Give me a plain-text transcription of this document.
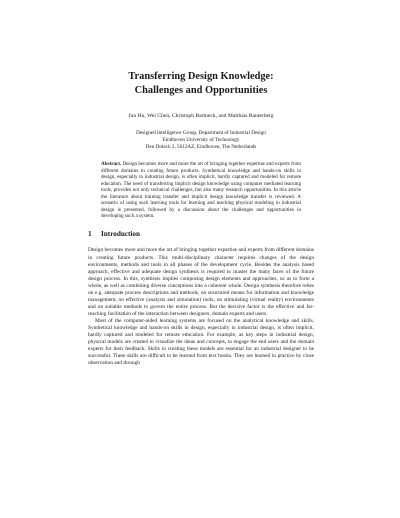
Transferring Design Knowledge:
Challenges and Opportunities
Jun Hu, Wei Chen, Christoph Bartneck, and Matthias Rauterberg
Designed Intelligence Group, Department of Industrial Design
Eindhoven University of Technology
Den Dolech 2, 5612AZ, Eindhoven, The Netherlands
Abstract. Design becomes more and more the art of bringing together expertise and experts from different domains in creating future products. Synthetical knowledge and hands-on skills in design, especially in industrial design, is often implicit, hardly captured and modeled for remote education. The need of transferring implicit design knowledge using computer mediated learning tools, provides not only technical challenges, but also many research opportunities. In this article the literature about training transfer and implicit design knowledge transfer is reviewed. A scenario of using such learning tools for learning and teaching physical modeling in industrial design is presented, followed by a discussion about the challenges and opportunities in developing such a system.
1 Introduction

Design becomes more and more the art of bringing together expertise and experts from different domains in creating future products. This multi-disciplinary character requires changes of the design environments, methods and tools in all phases of the development cycle. Besides the analysis based approach, effective and adequate design synthesis is required to master the many faces of the future design process. In this, synthesis implies composing design elements and approaches, so as to form a whole, as well as combining diverse conceptions into a coherent whole. Design synthesis therefore relies on e.g. adequate process descriptions and methods, on structured means for information and knowledge management, on effective (analysis and simulation) tools, on stimulating (virtual reality) environments and on suitable methods to govern the entire process. But the decisive factor is the effective and far-reaching facilitation of the interaction between designers, domain experts and users.

Most of the computer-aided learning systems are focused on the analytical knowledge and skills. Synthetical knowledge and hands-on skills in design, especially in industrial design, is often implicit, hardly captured and modeled for remote education. For example, as key steps in industrial design, physical models are created to visualize the ideas and concepts, to engage the end users and the domain experts for their feedback. Skills in creating these models are essential for an industrial designer to be successful. These skills are difficult to be learned from text books. They are learned in practice by close observation and through
